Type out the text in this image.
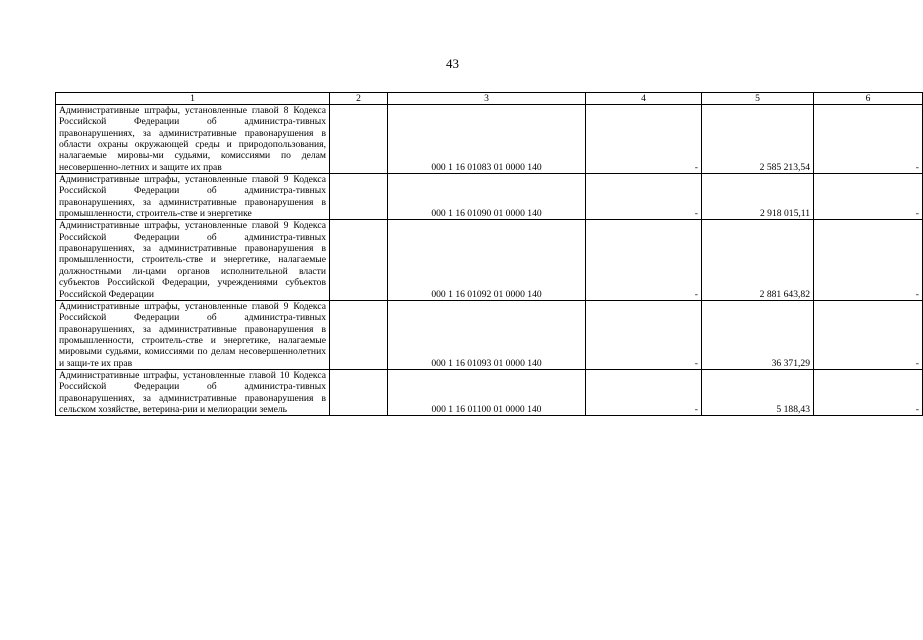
43
1	2	3	4	5	6
Административные штрафы, установленные главой 8 Кодекса Российской Федерации об администра-тивных правонарушениях, за административные правонарушения в области охраны окружающей среды и природопользования, налагаемые мировы-ми судьями, комиссиями по делам несовершенно-летних и защите их прав		000 1 16 01083 01 0000 140	-	2 585 213,54	-
Административные штрафы, установленные главой 9 Кодекса Российской Федерации об администра-тивных правонарушениях, за административные правонарушения в промышленности, строитель-стве и энергетике		000 1 16 01090 01 0000 140	-	2 918 015,11	-
Административные штрафы, установленные главой 9 Кодекса Российской Федерации об администра-тивных правонарушениях, за административные правонарушения в промышленности, строитель-стве и энергетике, налагаемые должностными ли-цами органов исполнительной власти субъектов Российской Федерации, учреждениями субъектов Российской Федерации		000 1 16 01092 01 0000 140	-	2 881 643,82	-
Административные штрафы, установленные главой 9 Кодекса Российской Федерации об администра-тивных правонарушениях, за административные правонарушения в промышленности, строитель-стве и энергетике, налагаемые мировыми судьями, комиссиями по делам несовершеннолетних и защи-те их прав		000 1 16 01093 01 0000 140	-	36 371,29	-
Административные штрафы, установленные главой 10 Кодекса Российской Федерации об администра-тивных правонарушениях, за административные правонарушения в сельском хозяйстве, ветерина-рии и мелиорации земель		000 1 16 01100 01 0000 140	-	5 188,43	-
